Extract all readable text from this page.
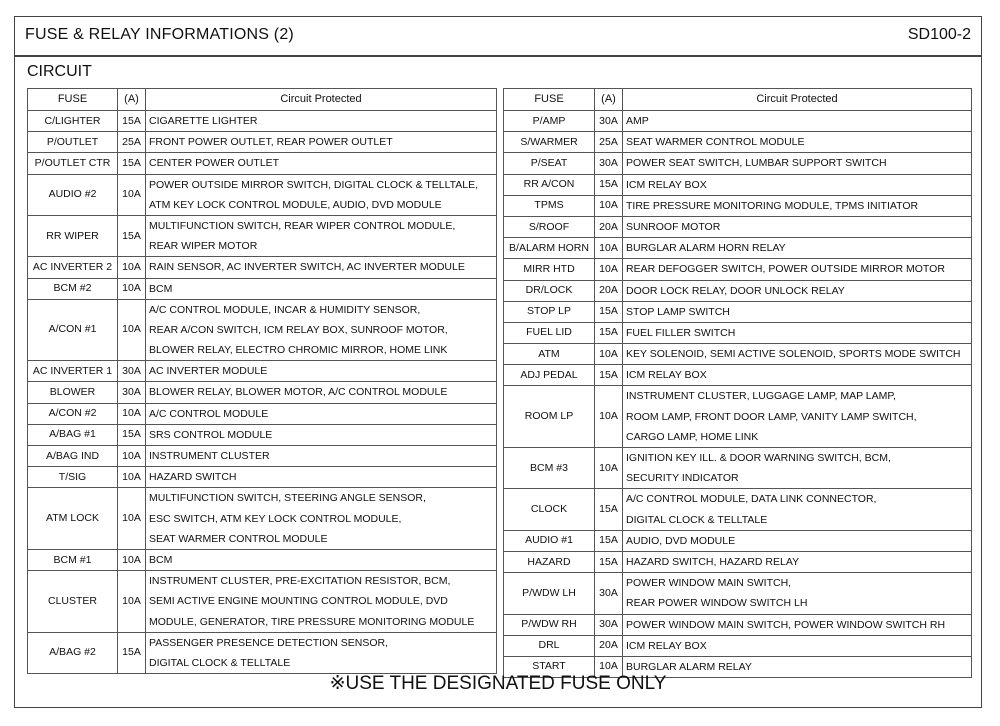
FUSE & RELAY INFORMATIONS (2)	SD100-2
CIRCUIT
FUSE	(A)	Circuit Protected
C/LIGHTER	15A	CIGARETTE LIGHTER

P/OUTLET	25A	FRONT POWER OUTLET, REAR POWER OUTLET

P/OUTLET CTR	15A	CENTER POWER OUTLET

AUDIO #2	10A	POWER OUTSIDE MIRROR SWITCH, DIGITAL CLOCK & TELLTALE,
ATM KEY LOCK CONTROL MODULE, AUDIO, DVD MODULE

RR WIPER	15A	MULTIFUNCTION SWITCH, REAR WIPER CONTROL MODULE,
REAR WIPER MOTOR

AC INVERTER 2	10A	RAIN SENSOR, AC INVERTER SWITCH, AC INVERTER MODULE

BCM #2	10A	BCM

A/CON #1	10A	A/C CONTROL MODULE, INCAR & HUMIDITY SENSOR,
REAR A/CON SWITCH, ICM RELAY BOX, SUNROOF MOTOR,
BLOWER RELAY, ELECTRO CHROMIC MIRROR, HOME LINK

AC INVERTER 1	30A	AC INVERTER MODULE

BLOWER	30A	BLOWER RELAY, BLOWER MOTOR, A/C CONTROL MODULE

A/CON #2	10A	A/C CONTROL MODULE

A/BAG #1	15A	SRS CONTROL MODULE

A/BAG IND	10A	INSTRUMENT CLUSTER

T/SIG	10A	HAZARD SWITCH

ATM LOCK	10A	MULTIFUNCTION SWITCH, STEERING ANGLE SENSOR,
ESC SWITCH, ATM KEY LOCK CONTROL MODULE,
SEAT WARMER CONTROL MODULE

BCM #1	10A	BCM

CLUSTER	10A	INSTRUMENT CLUSTER, PRE-EXCITATION RESISTOR, BCM,
SEMI ACTIVE ENGINE MOUNTING CONTROL MODULE, DVD
MODULE, GENERATOR, TIRE PRESSURE MONITORING MODULE

A/BAG #2	15A	PASSENGER PRESENCE DETECTION SENSOR,
DIGITAL CLOCK & TELLTALE
FUSE	(A)	Circuit Protected
P/AMP	30A	AMP

S/WARMER	25A	SEAT WARMER CONTROL MODULE

P/SEAT	30A	POWER SEAT SWITCH, LUMBAR SUPPORT SWITCH

RR A/CON	15A	ICM RELAY BOX

TPMS	10A	TIRE PRESSURE MONITORING MODULE, TPMS INITIATOR

S/ROOF	20A	SUNROOF MOTOR

B/ALARM HORN	10A	BURGLAR ALARM HORN RELAY

MIRR HTD	10A	REAR DEFOGGER SWITCH, POWER OUTSIDE MIRROR MOTOR

DR/LOCK	20A	DOOR LOCK RELAY, DOOR UNLOCK RELAY

STOP LP	15A	STOP LAMP SWITCH

FUEL LID	15A	FUEL FILLER SWITCH

ATM	10A	KEY SOLENOID, SEMI ACTIVE SOLENOID, SPORTS MODE SWITCH

ADJ PEDAL	15A	ICM RELAY BOX

ROOM LP	10A	INSTRUMENT CLUSTER, LUGGAGE LAMP, MAP LAMP,
ROOM LAMP, FRONT DOOR LAMP, VANITY LAMP SWITCH,
CARGO LAMP, HOME LINK

BCM #3	10A	IGNITION KEY ILL. & DOOR WARNING SWITCH, BCM,
SECURITY INDICATOR

CLOCK	15A	A/C CONTROL MODULE, DATA LINK CONNECTOR,
DIGITAL CLOCK & TELLTALE

AUDIO #1	15A	AUDIO, DVD MODULE

HAZARD	15A	HAZARD SWITCH, HAZARD RELAY

P/WDW LH	30A	POWER WINDOW MAIN SWITCH,
REAR POWER WINDOW SWITCH LH

P/WDW RH	30A	POWER WINDOW MAIN SWITCH, POWER WINDOW SWITCH RH

DRL	20A	ICM RELAY BOX

START	10A	BURGLAR ALARM RELAY
※USE THE DESIGNATED FUSE ONLY
